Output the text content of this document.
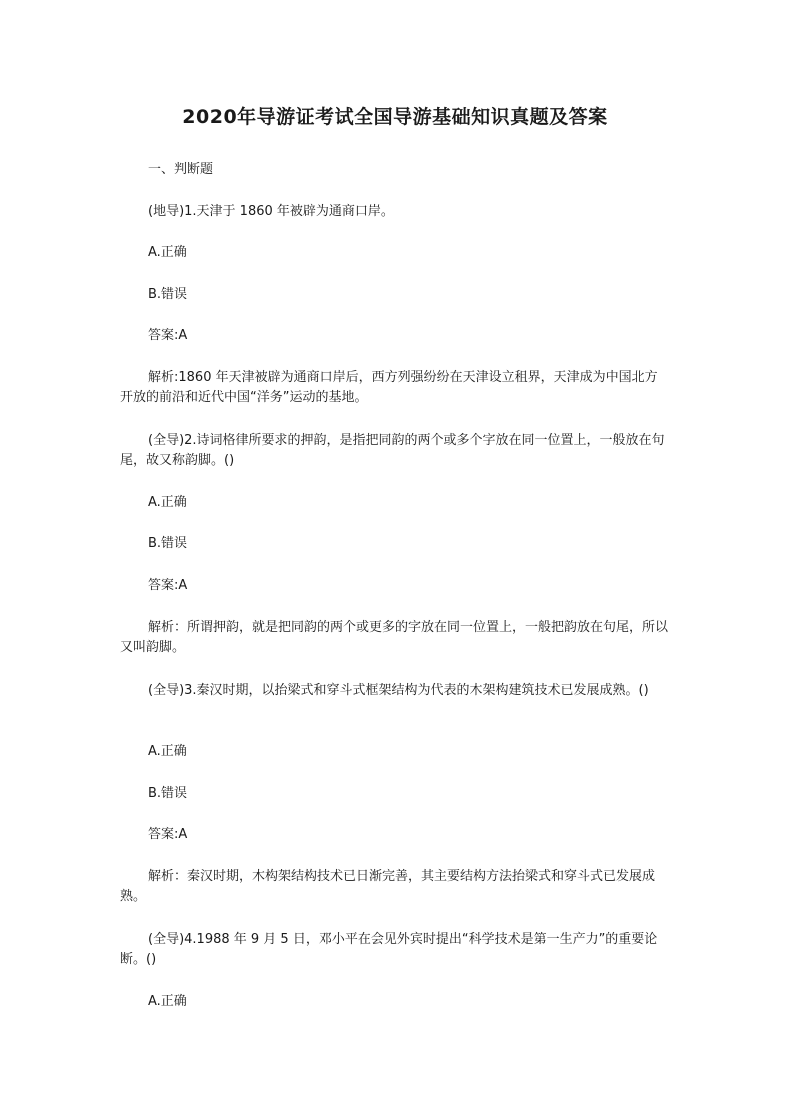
2020年导游证考试全国导游基础知识真题及答案
一、判断题
(地导)1.天津于 1860 年被辟为通商口岸。
A.正确
B.错误
答案:A
解析:1860 年天津被辟为通商口岸后，西方列强纷纷在天津设立租界，天津成为中国北方开放的前沿和近代中国“洋务”运动的基地。
(全导)2.诗词格律所要求的押韵，是指把同韵的两个或多个字放在同一位置上，一般放在句尾，故又称韵脚。()
A.正确
B.错误
答案:A
解析：所谓押韵，就是把同韵的两个或更多的字放在同一位置上，一般把韵放在句尾，所以又叫韵脚。
(全导)3.秦汉时期，以抬梁式和穿斗式框架结构为代表的木架构建筑技术已发展成熟。()
A.正确
B.错误
答案:A
解析：秦汉时期，木构架结构技术已日渐完善，其主要结构方法抬梁式和穿斗式已发展成熟。
(全导)4.1988 年 9 月 5 日，邓小平在会见外宾时提出“科学技术是第一生产力”的重要论断。()
A.正确
